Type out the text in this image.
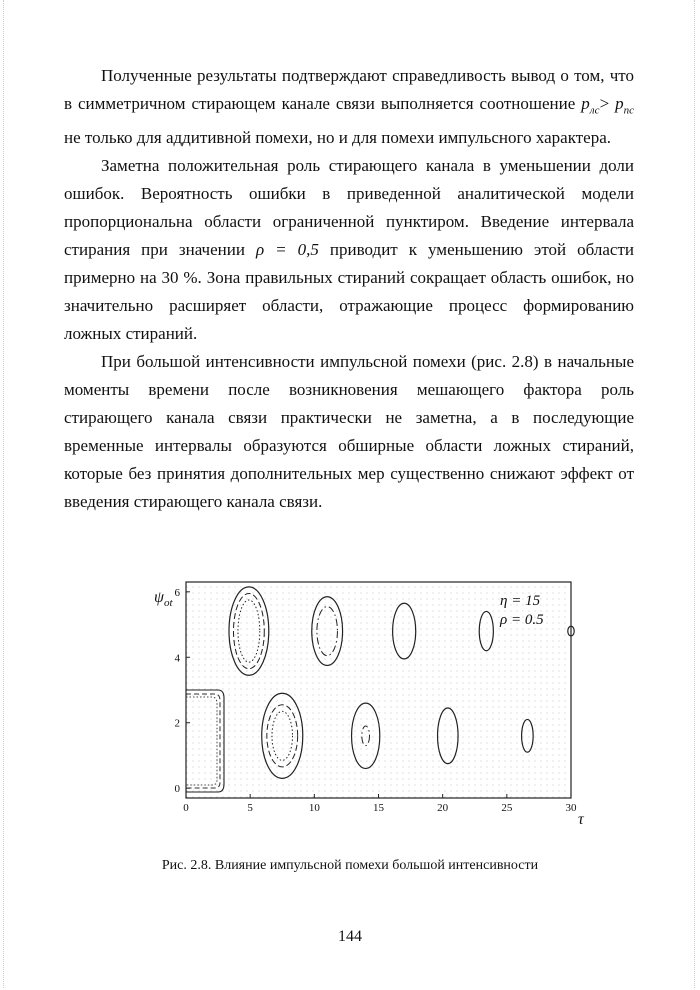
Полученные результаты подтверждают справедливость вывод о том, что в симметричном стирающем канале связи выполняется соотношение $p_{лс}> p_{пс}$ не только для аддитивной помехи, но и для помехи импульсного характера.

Заметна положительная роль стирающего канала в уменьшении доли ошибок. Вероятность ошибки в приведенной аналитической модели пропорциональна области ограниченной пунктиром. Введение интервала стирания при значении ρ = 0,5 приводит к уменьшению этой области примерно на 30 %. Зона правильных стираний сокращает область ошибок, но значительно расширяет области, отражающие процесс формированию ложных стираний.

При большой интенсивности импульсной помехи (рис. 2.8) в начальные моменты времени после возникновения мешающего фактора роль стирающего канала связи практически не заметна, а в последующие временные интервалы образуются обширные области ложных стираний, которые без принятия дополнительных мер существенно снижают эффект от введения стирающего канала связи.

0	5	10	15	20	25	30
0
2
4
6
$\psi_{ot}$
τ
η = 15
ρ = 0.5
Рис. 2.8. Влияние импульсной помехи большой интенсивности
144
